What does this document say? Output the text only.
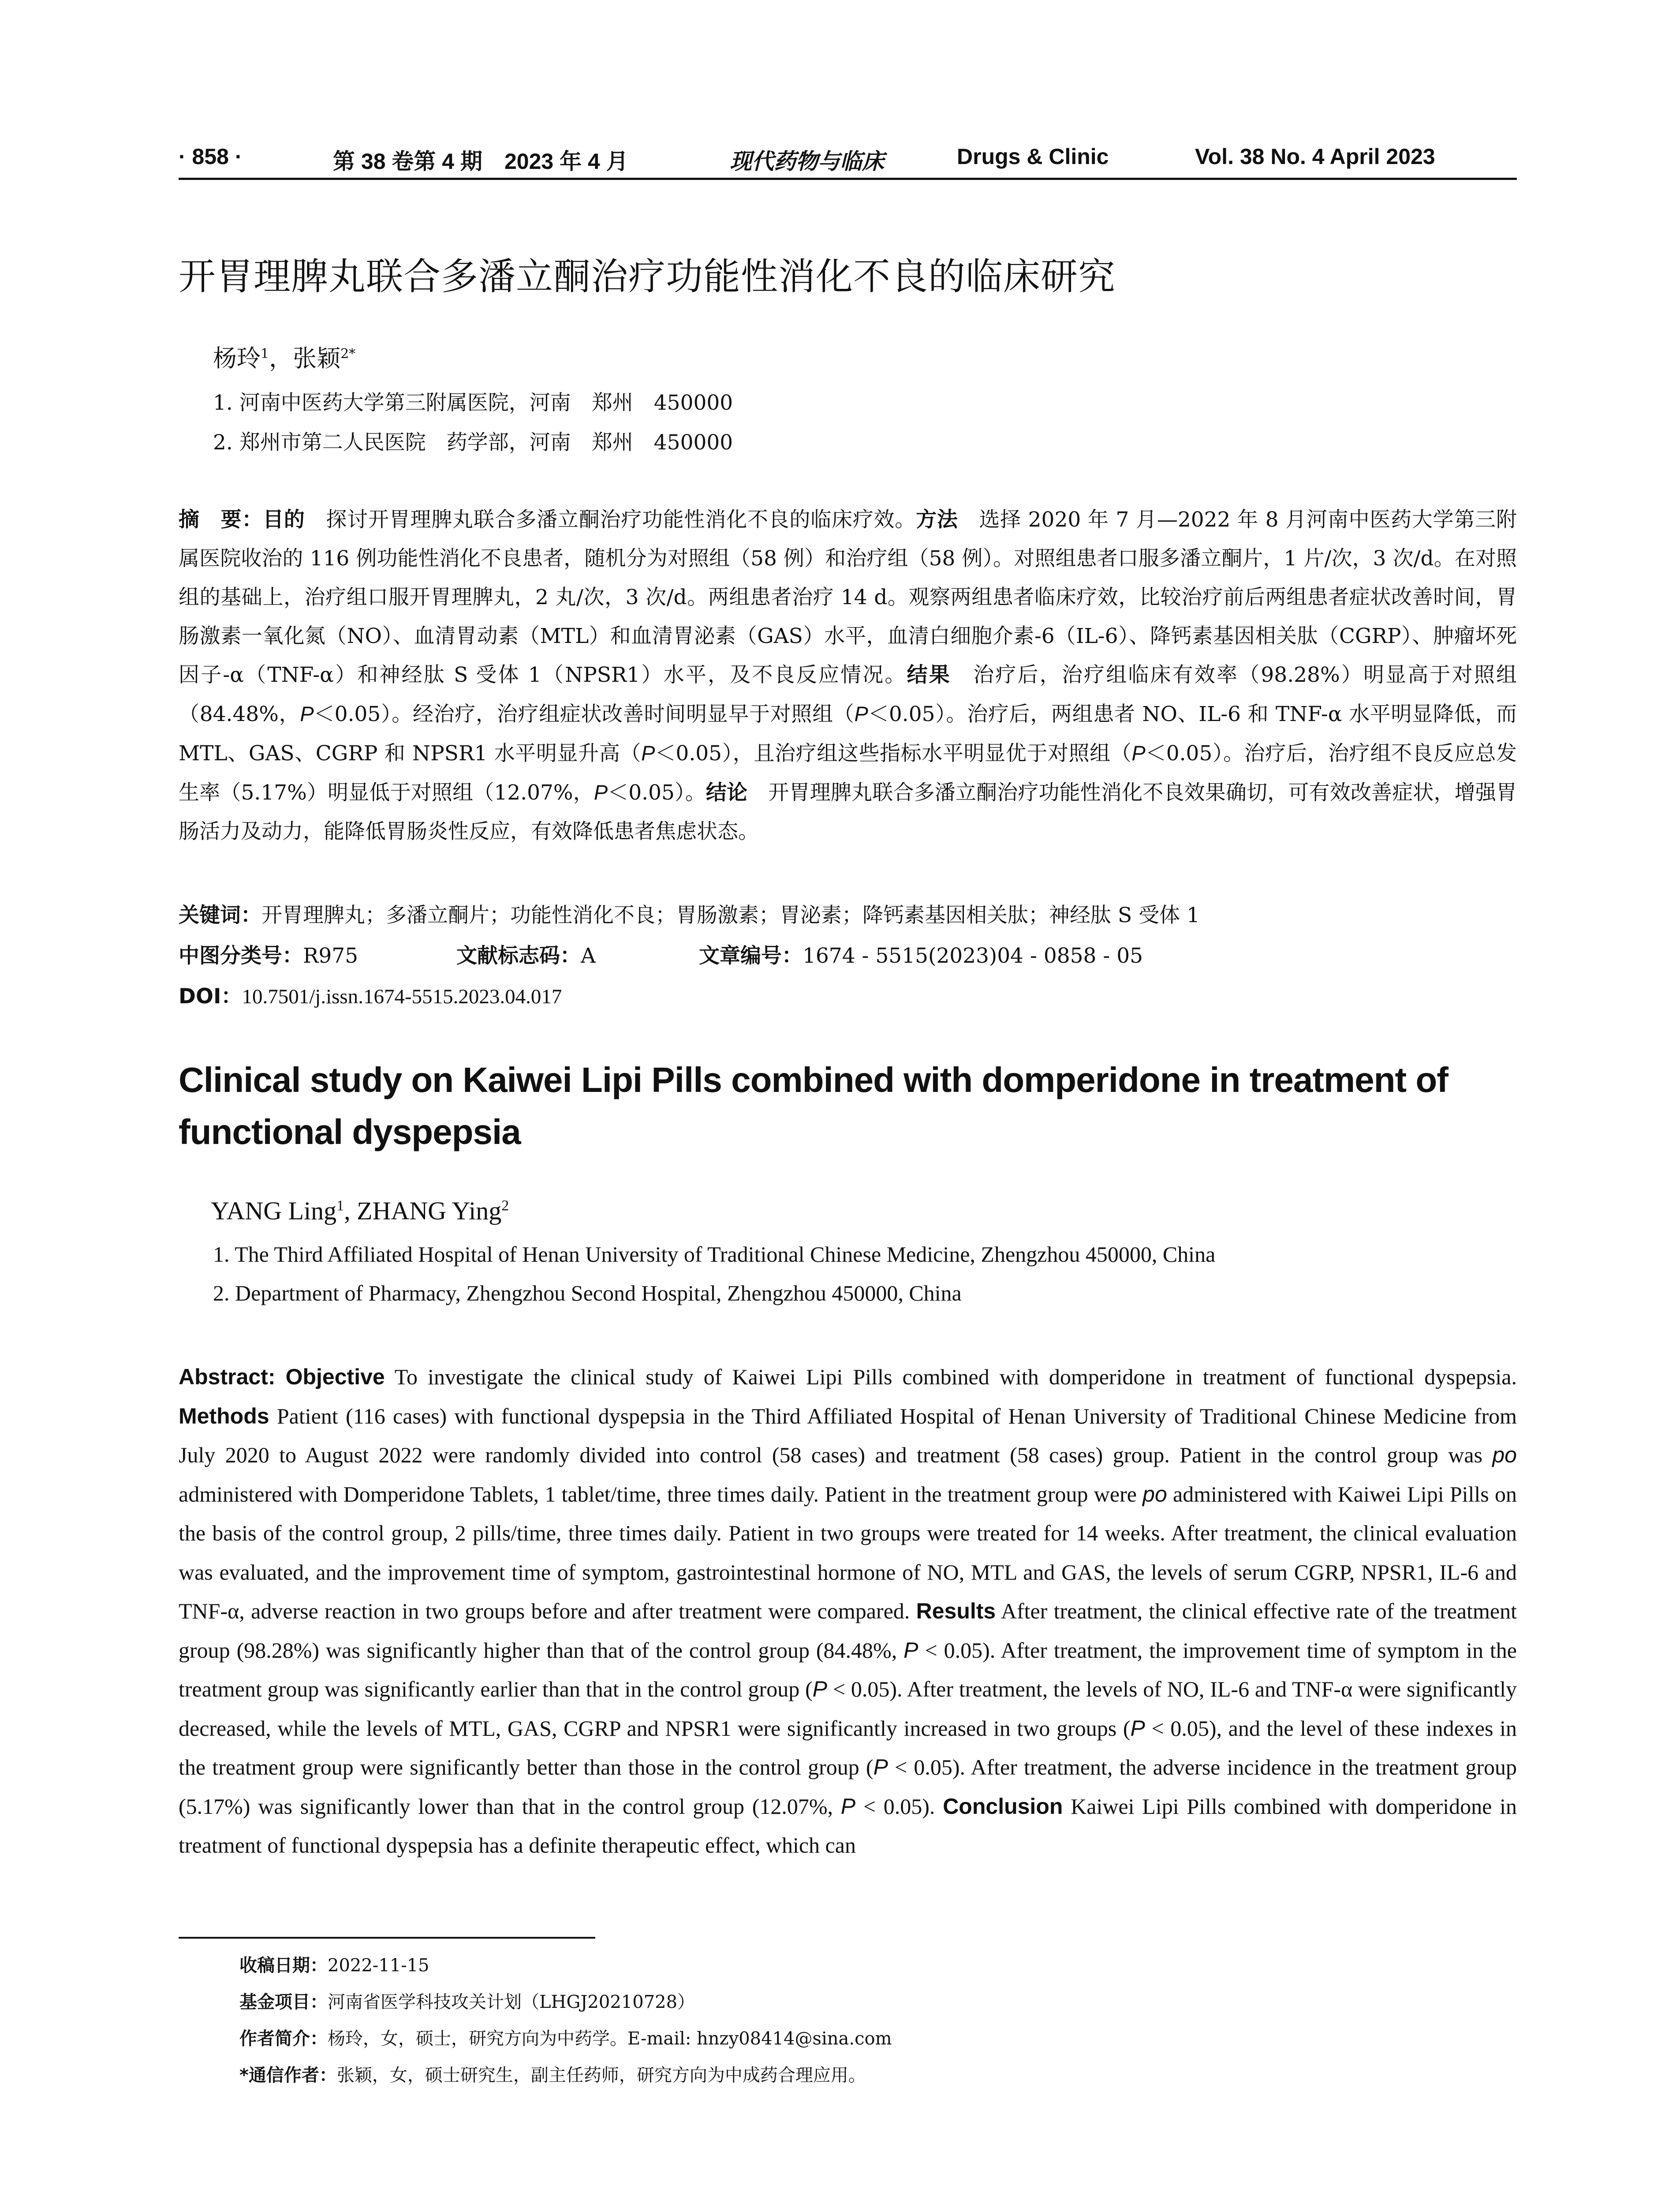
· 858 ·	第 38 卷第 4 期　2023 年 4 月	现代药物与临床	Drugs & Clinic	Vol. 38 No. 4 April 2023
开胃理脾丸联合多潘立酮治疗功能性消化不良的临床研究
杨玲$^1$，张颖$^{2*}$
1. 河南中医药大学第三附属医院，河南　郑州　450000
2. 郑州市第二人民医院　药学部，河南　郑州　450000
摘　要：目的　探讨开胃理脾丸联合多潘立酮治疗功能性消化不良的临床疗效。方法　选择 2020 年 7 月—2022 年 8 月河南中医药大学第三附属医院收治的 116 例功能性消化不良患者，随机分为对照组（58 例）和治疗组（58 例）。对照组患者口服多潘立酮片，1 片/次，3 次/d。在对照组的基础上，治疗组口服开胃理脾丸，2 丸/次，3 次/d。两组患者治疗 14 d。观察两组患者临床疗效，比较治疗前后两组患者症状改善时间，胃肠激素一氧化氮（NO）、血清胃动素（MTL）和血清胃泌素（GAS）水平，血清白细胞介素-6（IL-6）、降钙素基因相关肽（CGRP）、肿瘤坏死因子-α（TNF-α）和神经肽 S 受体 1（NPSR1）水平，及不良反应情况。结果　治疗后，治疗组临床有效率（98.28%）明显高于对照组（84.48%，P＜0.05）。经治疗，治疗组症状改善时间明显早于对照组（P＜0.05）。治疗后，两组患者 NO、IL-6 和 TNF-α 水平明显降低，而 MTL、GAS、CGRP 和 NPSR1 水平明显升高（P＜0.05），且治疗组这些指标水平明显优于对照组（P＜0.05）。治疗后，治疗组不良反应总发生率（5.17%）明显低于对照组（12.07%，P＜0.05）。结论　开胃理脾丸联合多潘立酮治疗功能性消化不良效果确切，可有效改善症状，增强胃肠活力及动力，能降低胃肠炎性反应，有效降低患者焦虑状态。
关键词：开胃理脾丸；多潘立酮片；功能性消化不良；胃肠激素；胃泌素；降钙素基因相关肽；神经肽 S 受体 1
中图分类号：R975	文献标志码：A	文章编号：1674 - 5515(2023)04 - 0858 - 05
DOI：10.7501/j.issn.1674-5515.2023.04.017
Clinical study on Kaiwei Lipi Pills combined with domperidone in treatment of functional dyspepsia
YANG Ling$^1$, ZHANG Ying$^2$
1. The Third Affiliated Hospital of Henan University of Traditional Chinese Medicine, Zhengzhou 450000, China
2. Department of Pharmacy, Zhengzhou Second Hospital, Zhengzhou 450000, China
Abstract: Objective To investigate the clinical study of Kaiwei Lipi Pills combined with domperidone in treatment of functional dyspepsia. Methods Patient (116 cases) with functional dyspepsia in the Third Affiliated Hospital of Henan University of Traditional Chinese Medicine from July 2020 to August 2022 were randomly divided into control (58 cases) and treatment (58 cases) group. Patient in the control group was po administered with Domperidone Tablets, 1 tablet/time, three times daily. Patient in the treatment group were po administered with Kaiwei Lipi Pills on the basis of the control group, 2 pills/time, three times daily. Patient in two groups were treated for 14 weeks. After treatment, the clinical evaluation was evaluated, and the improvement time of symptom, gastrointestinal hormone of NO, MTL and GAS, the levels of serum CGRP, NPSR1, IL-6 and TNF-α, adverse reaction in two groups before and after treatment were compared. Results After treatment, the clinical effective rate of the treatment group (98.28%) was significantly higher than that of the control group (84.48%, P < 0.05). After treatment, the improvement time of symptom in the treatment group was significantly earlier than that in the control group (P < 0.05). After treatment, the levels of NO, IL-6 and TNF-α were significantly decreased, while the levels of MTL, GAS, CGRP and NPSR1 were significantly increased in two groups (P < 0.05), and the level of these indexes in the treatment group were significantly better than those in the control group (P < 0.05). After treatment, the adverse incidence in the treatment group (5.17%) was significantly lower than that in the control group (12.07%, P < 0.05). Conclusion Kaiwei Lipi Pills combined with domperidone in treatment of functional dyspepsia has a definite therapeutic effect, which can
收稿日期：2022-11-15
基金项目：河南省医学科技攻关计划（LHGJ20210728）
作者简介：杨玲，女，硕士，研究方向为中药学。E-mail: hnzy08414@sina.com
*通信作者：张颖，女，硕士研究生，副主任药师，研究方向为中成药合理应用。
